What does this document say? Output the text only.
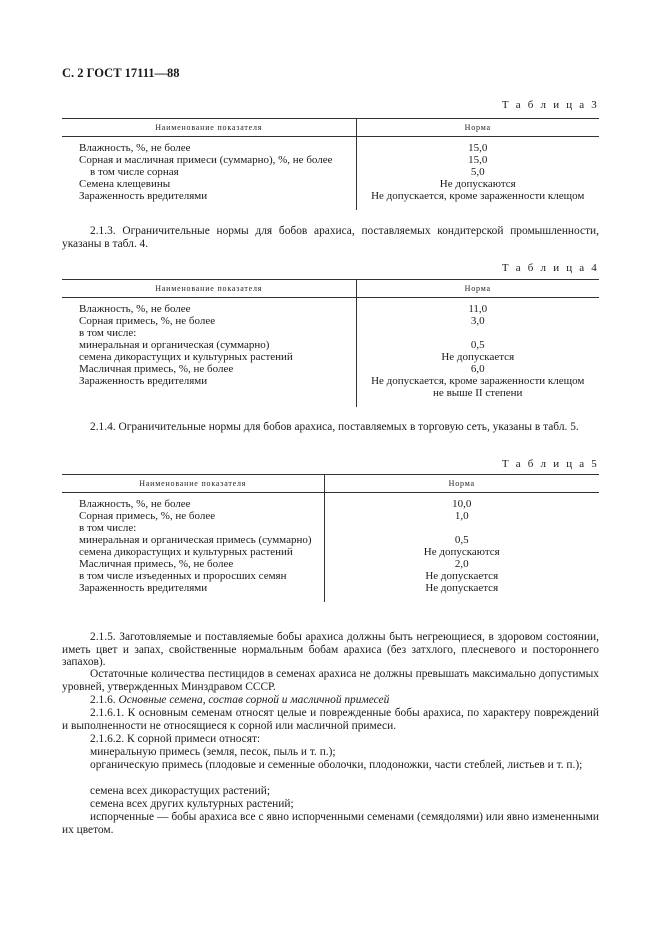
С. 2 ГОСТ 17111—88
Т а б л и ц а 3
Наименование показателя	Норма
Влажность, %, не более	15,0
Сорная и масличная примеси (суммарно), %, не более	15,0
в том числе сорная	5,0
Семена клещевины	Не допускаются
Зараженность вредителями	Не допускается, кроме зараженности клещом

2.1.3. Ограничительные нормы для бобов арахиса, поставляемых кондитерской промышленности, указаны в табл. 4.

Т а б л и ц а 4
Наименование показателя	Норма
Влажность, %, не более	11,0
Сорная примесь, %, не более	3,0
в том числе:	
минеральная и органическая (суммарно)	0,5
семена дикорастущих и культурных растений	Не допускается
Масличная примесь, %, не более	6,0
Зараженность вредителями	Не допускается, кроме зараженности клещом
	не выше II степени

2.1.4. Ограничительные нормы для бобов арахиса, поставляемых в торговую сеть, указаны в табл. 5.

Т а б л и ц а 5
Наименование показателя	Норма
Влажность, %, не более	10,0
Сорная примесь, %, не более	1,0
в том числе:	
минеральная и органическая примесь (суммарно)	0,5
семена дикорастущих и культурных растений	Не допускаются
Масличная примесь, %, не более	2,0
в том числе изъеденных и проросших семян	Не допускается
Зараженность вредителями	Не допускается

2.1.5. Заготовляемые и поставляемые бобы арахиса должны быть негреющиеся, в здоровом состоянии, иметь цвет и запах, свойственные нормальным бобам арахиса (без затхлого, плесневого и постороннего запахов).

Остаточные количества пестицидов в семенах арахиса не должны превышать максимально допустимых уровней, утвержденных Минздравом СССР.

2.1.6. Основные семена, состав сорной и масличной примесей

2.1.6.1. К основным семенам относят целые и поврежденные бобы арахиса, по характеру повреждений и выполненности не относящиеся к сорной или масличной примеси.

2.1.6.2. К сорной примеси относят:

минеральную примесь (земля, песок, пыль и т. п.);

органическую примесь (плодовые и семенные оболочки, плодоножки, части стеблей, листьев и т. п.);

семена всех дикорастущих растений;

семена всех других культурных растений;

испорченные — бобы арахиса все с явно испорченными семенами (семядолями) или явно измененными их цветом.
